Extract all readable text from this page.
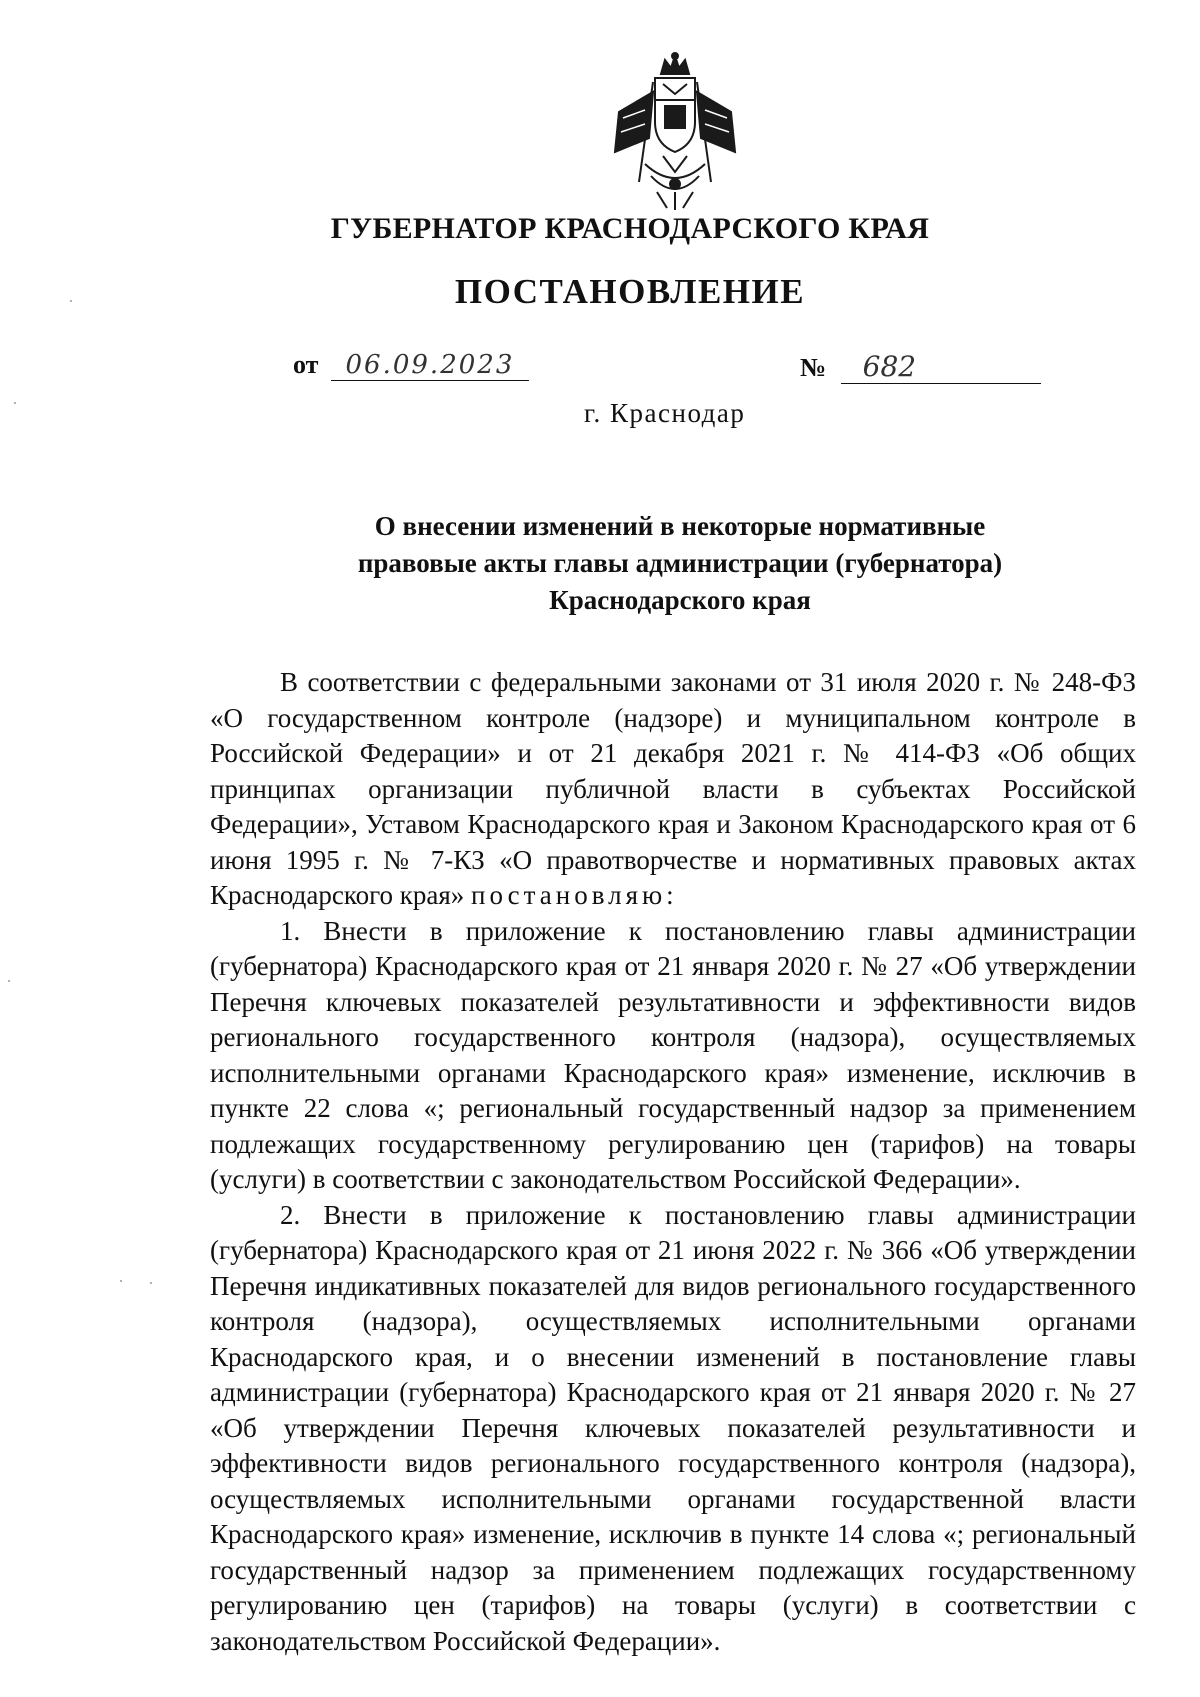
ГУБЕРНАТОР КРАСНОДАРСКОГО КРАЯ
ПОСТАНОВЛЕНИЕ
от 06.09.2023	№ 682
г. Краснодар
О внесении изменений в некоторые нормативные
правовые акты главы администрации (губернатора)
Краснодарского края

В соответствии с федеральными законами от 31 июля 2020 г. № 248-ФЗ «О государственном контроле (надзоре) и муниципальном контроле в Российской Федерации» и от 21 декабря 2021 г. № 414-ФЗ «Об общих принципах организации публичной власти в субъектах Российской Федерации», Уставом Краснодарского края и Законом Краснодарского края от 6 июня 1995 г. № 7-КЗ «О правотворчестве и нормативных правовых актах Краснодарского края» постановляю:

1. Внести в приложение к постановлению главы администрации (губернатора) Краснодарского края от 21 января 2020 г. № 27 «Об утверждении Перечня ключевых показателей результативности и эффективности видов регионального государственного контроля (надзора), осуществляемых исполнительными органами Краснодарского края» изменение, исключив в пункте 22 слова «; региональный государственный надзор за применением подлежащих государственному регулированию цен (тарифов) на товары (услуги) в соответствии с законодательством Российской Федерации».

2. Внести в приложение к постановлению главы администрации (губернатора) Краснодарского края от 21 июня 2022 г. № 366 «Об утверждении Перечня индикативных показателей для видов регионального государственного контроля (надзора), осуществляемых исполнительными органами Краснодарского края, и о внесении изменений в постановление главы администрации (губернатора) Краснодарского края от 21 января 2020 г. № 27 «Об утверждении Перечня ключевых показателей результативности и эффективности видов регионального государственного контроля (надзора), осуществляемых исполнительными органами государственной власти Краснодарского края» изменение, исключив в пункте 14 слова «; региональный государственный надзор за применением подлежащих государственному регулированию цен (тарифов) на товары (услуги) в соответствии с законодательством Российской Федерации».
